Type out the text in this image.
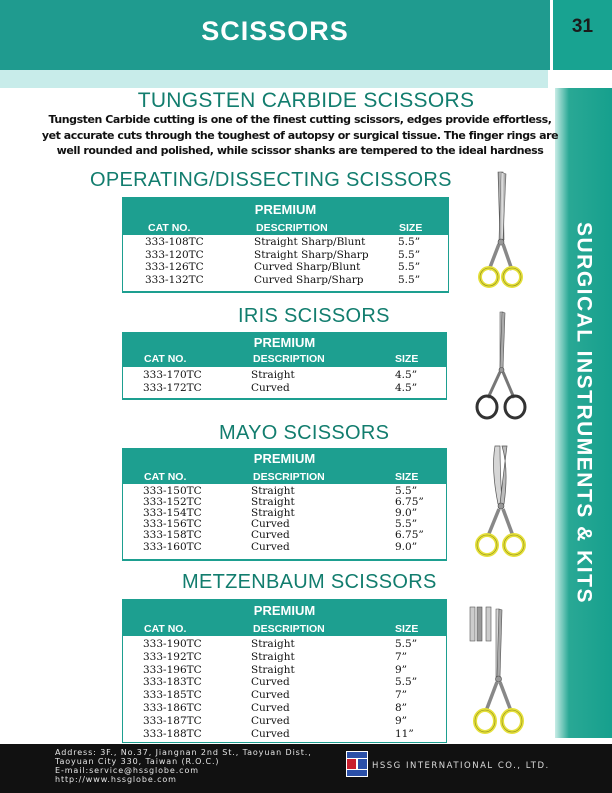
SCISSORS	31
SURGICAL INSTRUMENTS & KITS
TUNGSTEN CARBIDE SCISSORS
Tungsten Carbide cutting is one of the finest cutting scissors, edges provide effortless,
yet accurate cuts through the toughest of autopsy or surgical tissue. The finger rings are
well rounded and polished, while scissor shanks are tempered to the ideal hardness
OPERATING/DISSECTING SCISSORS
PREMIUM
CAT NO.	DESCRIPTION	SIZE
333-108TC	Straight Sharp/Blunt	5.5”
333-120TC	Straight Sharp/Sharp	5.5”
333-126TC	Curved Sharp/Blunt	5.5”
333-132TC	Curved Sharp/Sharp	5.5”
IRIS SCISSORS
PREMIUM
CAT NO.	DESCRIPTION	SIZE
333-170TC	Straight	4.5”
333-172TC	Curved	4.5”
MAYO SCISSORS
PREMIUM
CAT NO.	DESCRIPTION	SIZE
333-150TC	Straight	5.5”
333-152TC	Straight	6.75”
333-154TC	Straight	9.0”
333-156TC	Curved	5.5”
333-158TC	Curved	6.75”
333-160TC	Curved	9.0”
METZENBAUM SCISSORS
PREMIUM
CAT NO.	DESCRIPTION	SIZE
333-190TC	Straight	5.5”
333-192TC	Straight	7”
333-196TC	Straight	9”
333-183TC	Curved	5.5”
333-185TC	Curved	7”
333-186TC	Curved	8”
333-187TC	Curved	9”
333-188TC	Curved	11”
Address: 3F., No.37, Jiangnan 2nd St., Taoyuan Dist.,
Taoyuan City 330, Taiwan (R.O.C.)
E-mail:service@hssglobe.com
http://www.hssglobe.com
HSSG INTERNATIONAL CO., LTD.
